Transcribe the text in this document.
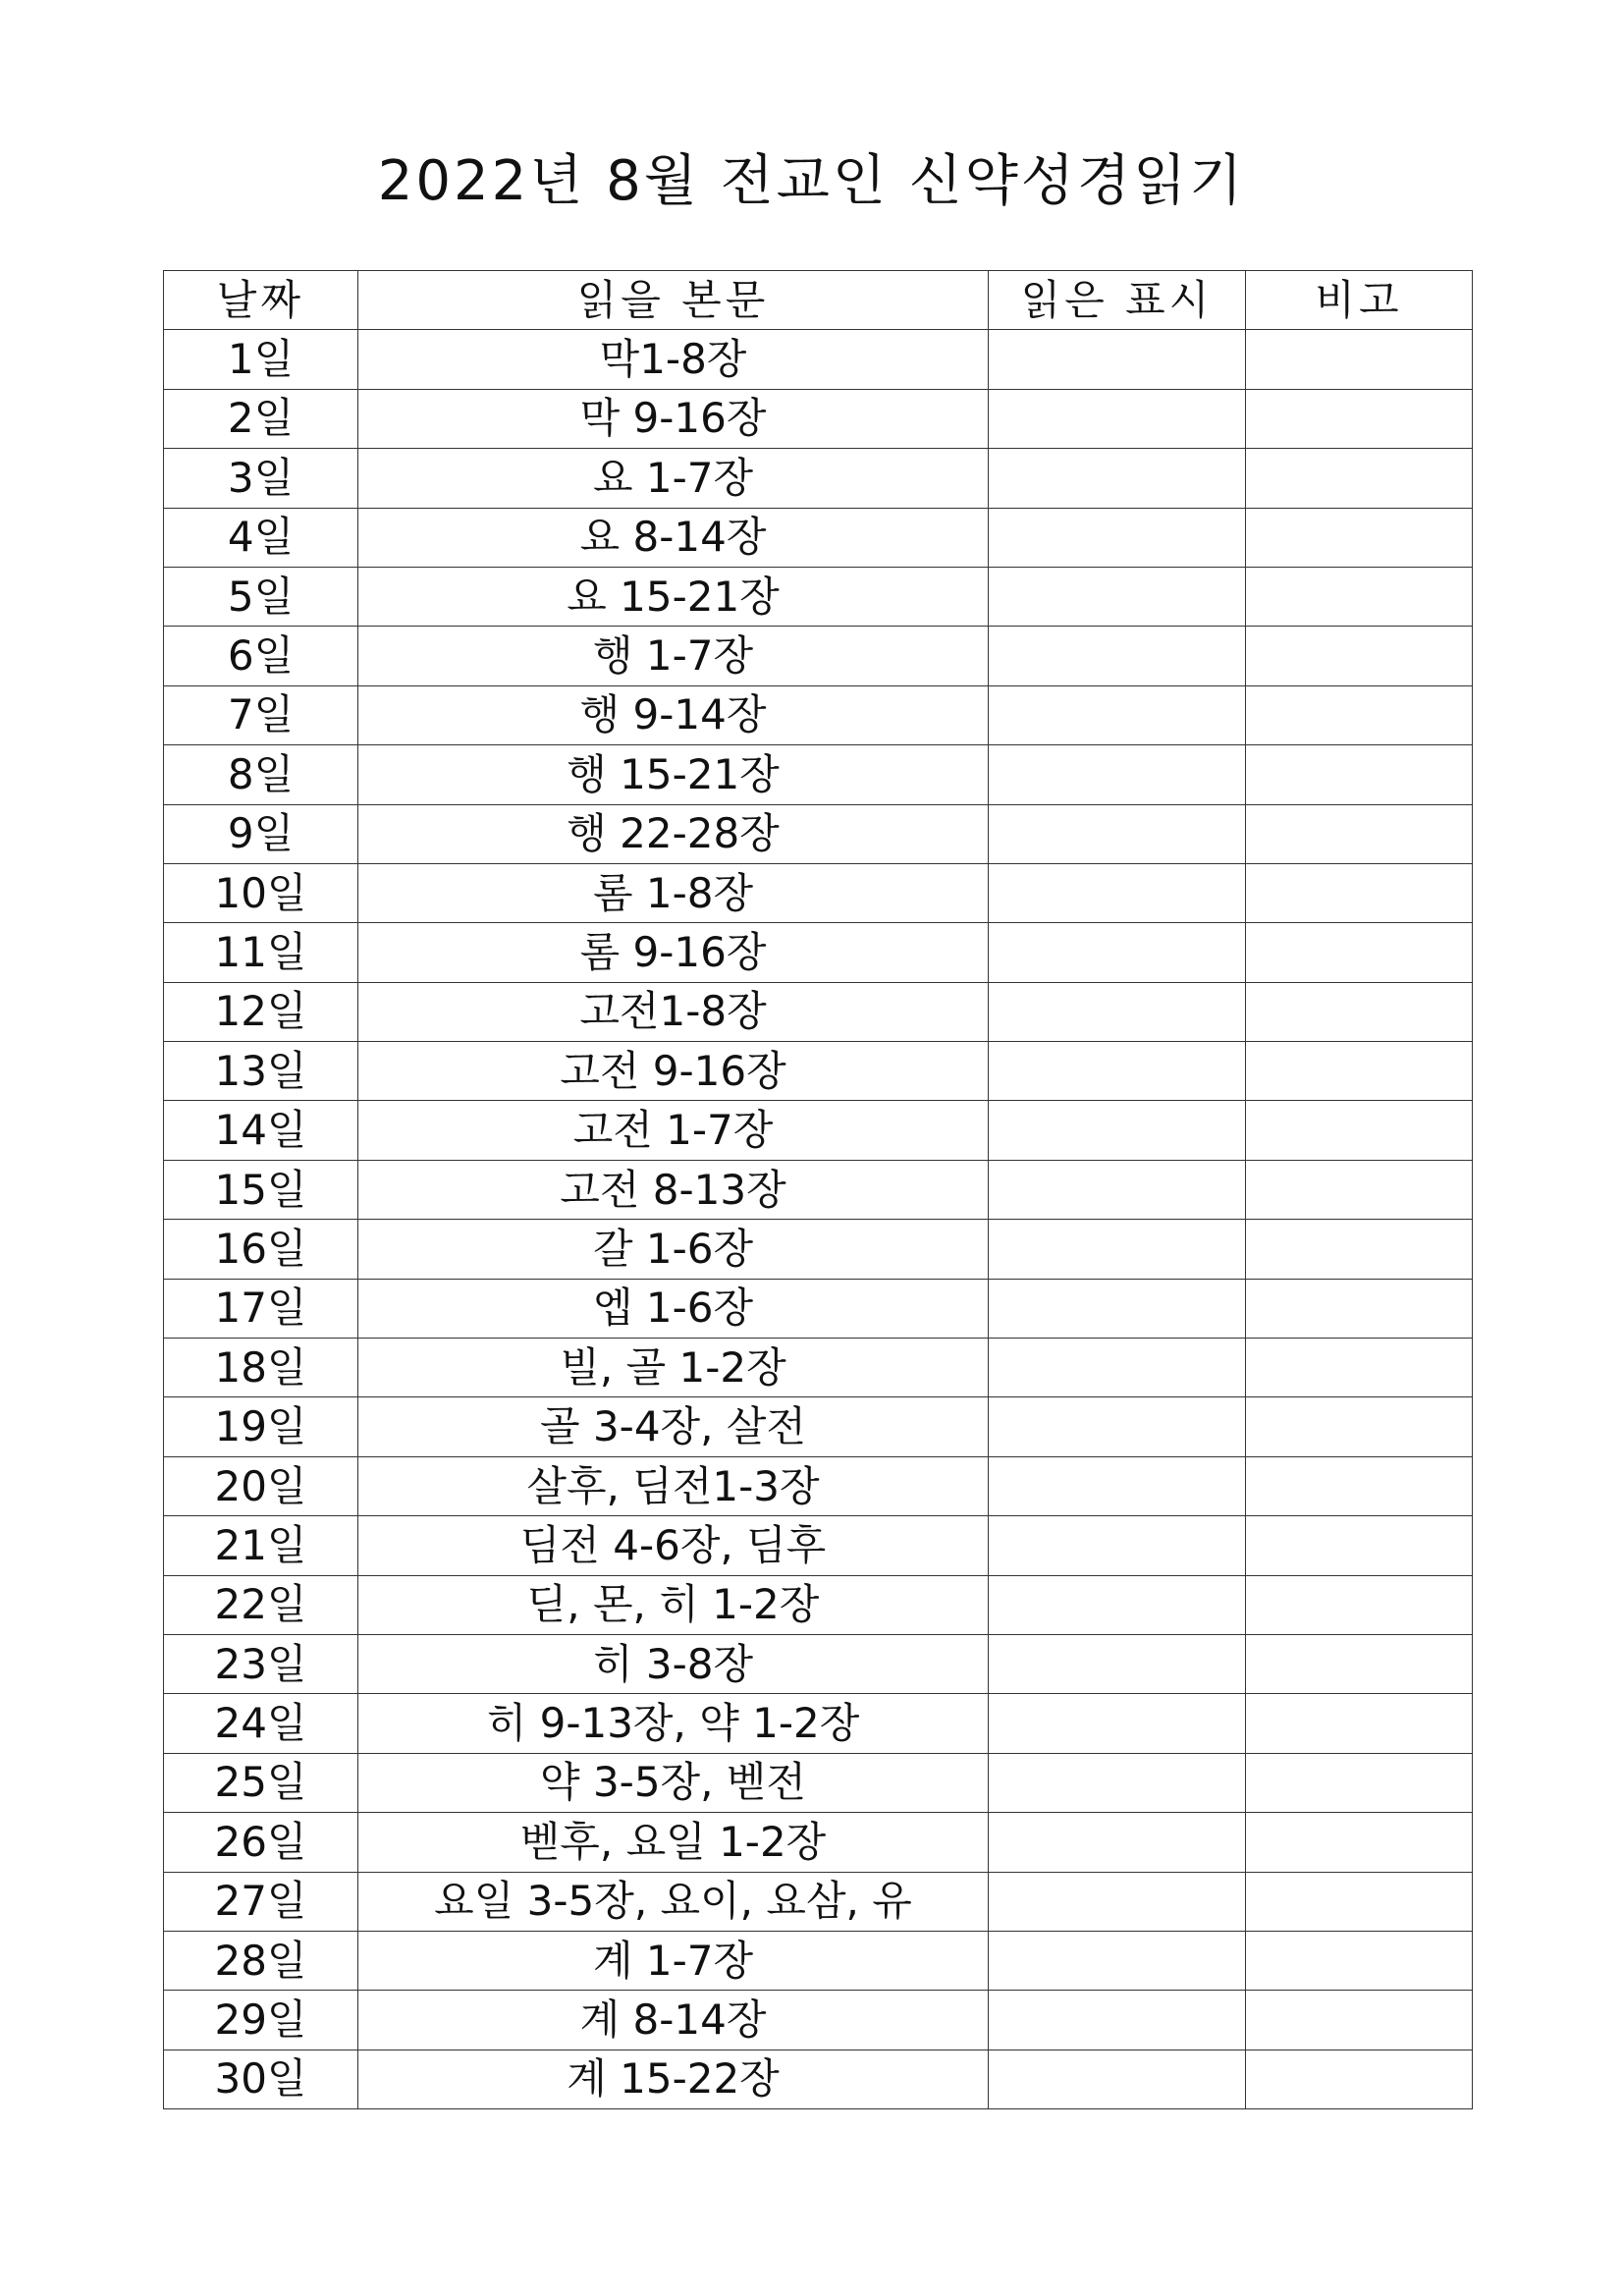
2022년 8월 전교인 신약성경읽기
날짜	읽을 본문	읽은 표시	비고
1일	막1-8장		
2일	막 9-16장		
3일	요 1-7장		
4일	요 8-14장		
5일	요 15-21장		
6일	행 1-7장		
7일	행 9-14장		
8일	행 15-21장		
9일	행 22-28장		
10일	롬 1-8장		
11일	롬 9-16장		
12일	고전1-8장		
13일	고전 9-16장		
14일	고전 1-7장		
15일	고전 8-13장		
16일	갈 1-6장		
17일	엡 1-6장		
18일	빌, 골 1-2장		
19일	골 3-4장, 살전		
20일	살후, 딤전1-3장		
21일	딤전 4-6장, 딤후		
22일	딛, 몬, 히 1-2장		
23일	히 3-8장		
24일	히 9-13장, 약 1-2장		
25일	약 3-5장, 벧전		
26일	벧후, 요일 1-2장		
27일	요일 3-5장, 요이, 요삼, 유		
28일	계 1-7장		
29일	계 8-14장		
30일	계 15-22장		
